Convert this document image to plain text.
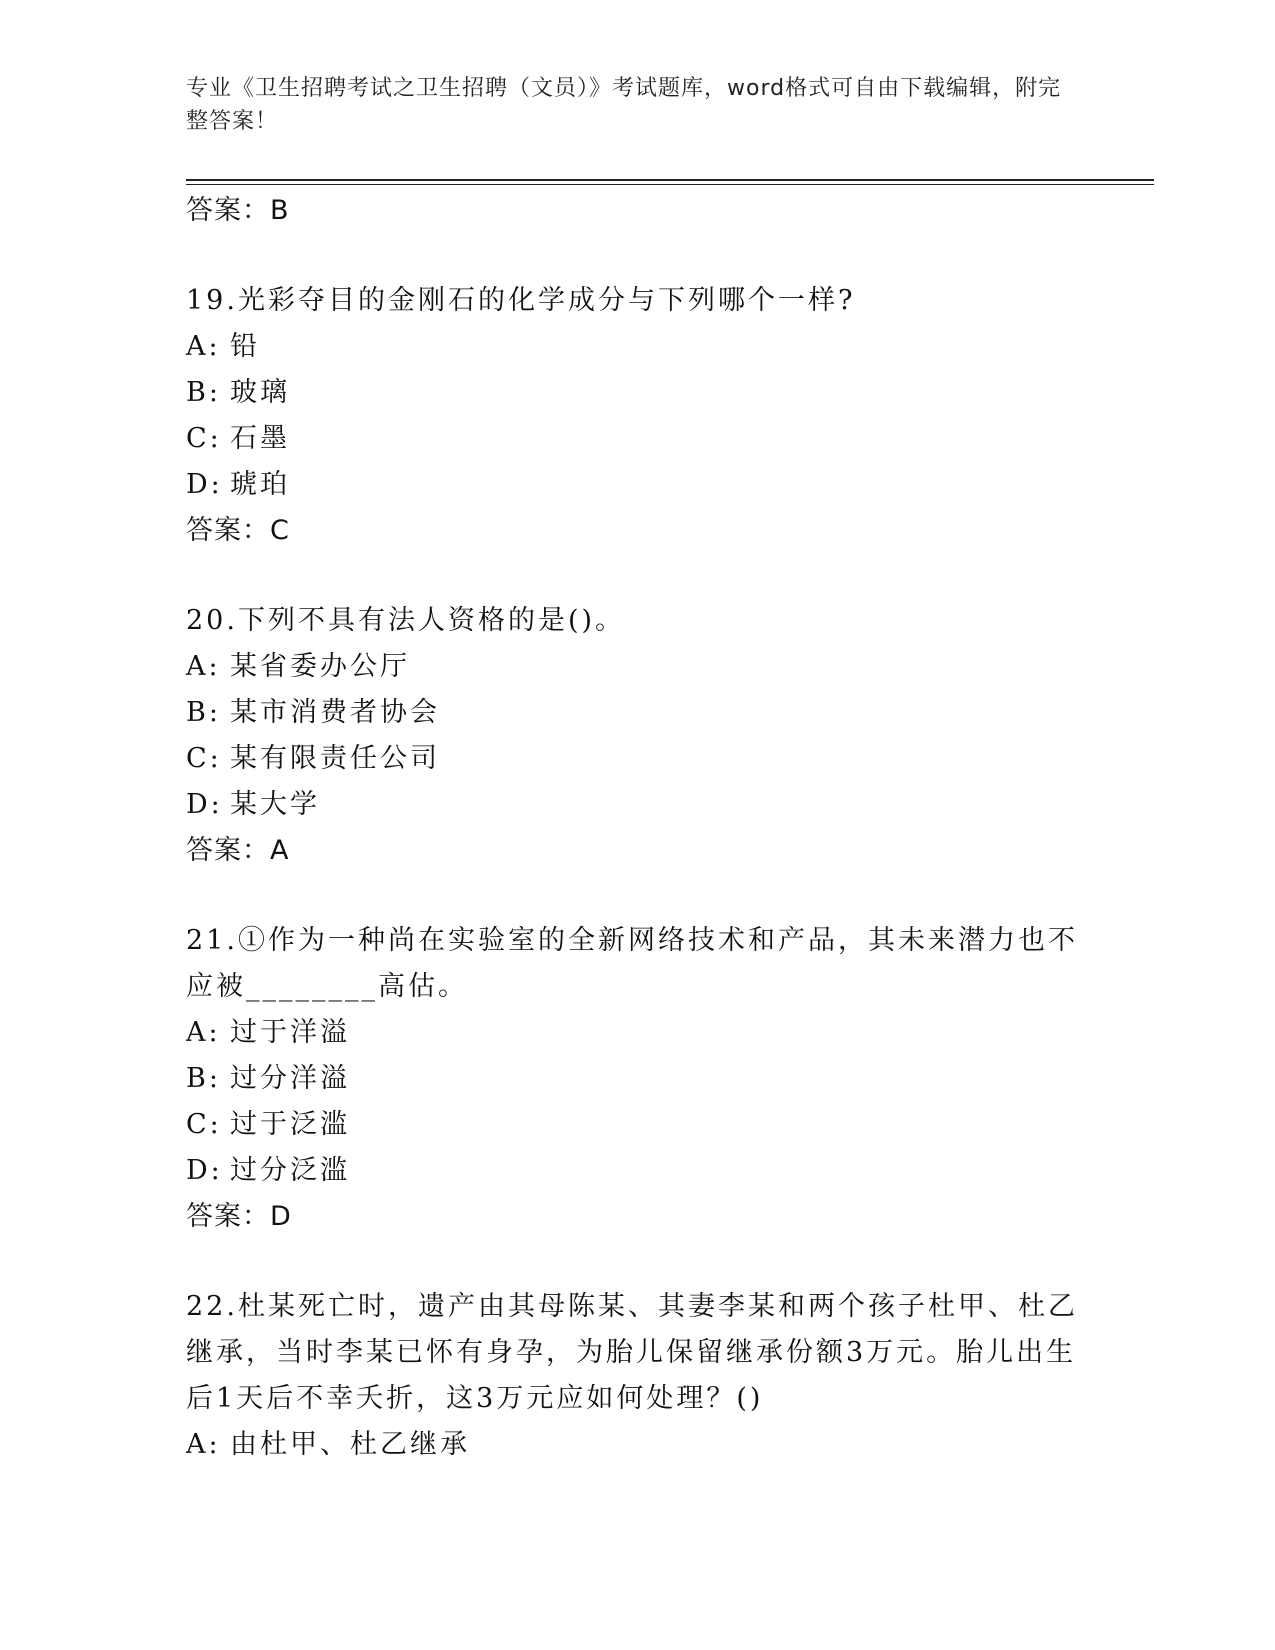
专业《卫生招聘考试之卫生招聘（文员）》考试题库，word格式可自由下载编辑，附完整答案！
答案：B
19.光彩夺目的金刚石的化学成分与下列哪个一样?
A: 铅
B: 玻璃
C: 石墨
D: 琥珀
答案：C
20.下列不具有法人资格的是()。
A: 某省委办公厅
B: 某市消费者协会
C: 某有限责任公司
D: 某大学
答案：A
21.①作为一种尚在实验室的全新网络技术和产品，其未来潜力也不应被________高估。
A: 过于洋溢
B: 过分洋溢
C: 过于泛滥
D: 过分泛滥
答案：D
22.杜某死亡时，遗产由其母陈某、其妻李某和两个孩子杜甲、杜乙继承，当时李某已怀有身孕，为胎儿保留继承份额3万元。胎儿出生后1天后不幸夭折，这3万元应如何处理？()
A: 由杜甲、杜乙继承
